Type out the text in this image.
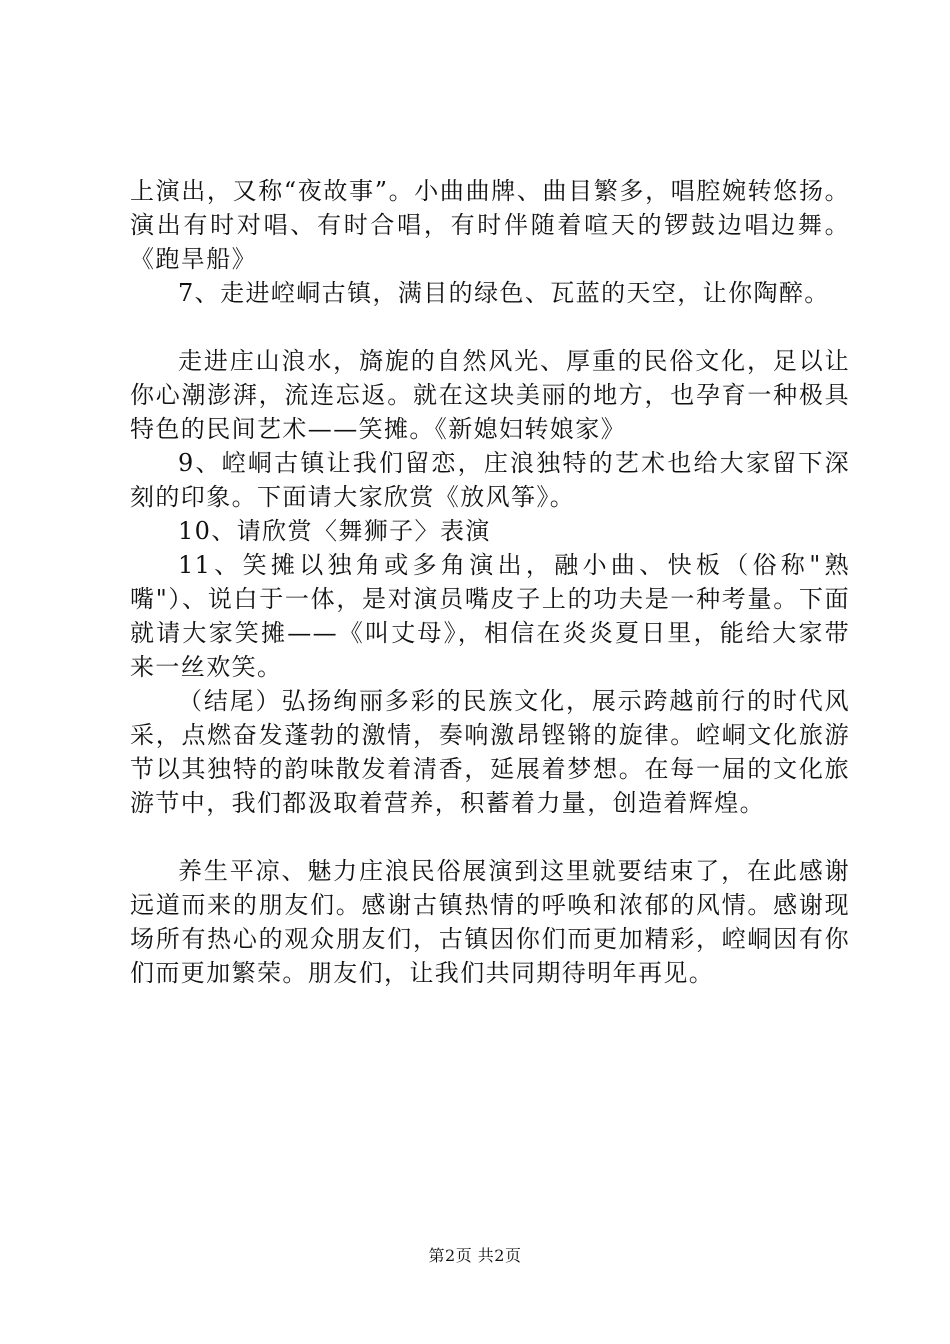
上演出，又称“夜故事”。小曲曲牌、曲目繁多，唱腔婉转悠扬。演出有时对唱、有时合唱，有时伴随着喧天的锣鼓边唱边舞。《跑旱船》

7、走进崆峒古镇，满目的绿色、瓦蓝的天空，让你陶醉。

走进庄山浪水，旖旎的自然风光、厚重的民俗文化，足以让你心潮澎湃，流连忘返。就在这块美丽的地方，也孕育一种极具特色的民间艺术——笑摊。《新媳妇转娘家》

9、崆峒古镇让我们留恋，庄浪独特的艺术也给大家留下深刻的印象。下面请大家欣赏《放风筝》。

10、请欣赏〈舞狮子〉表演

11、笑摊以独角或多角演出，融小曲、快板（俗称"熟嘴"）、说白于一体，是对演员嘴皮子上的功夫是一种考量。下面就请大家笑摊——《叫丈母》，相信在炎炎夏日里，能给大家带来一丝欢笑。

（结尾）弘扬绚丽多彩的民族文化，展示跨越前行的时代风采，点燃奋发蓬勃的激情，奏响激昂铿锵的旋律。崆峒文化旅游节以其独特的韵味散发着清香，延展着梦想。在每一届的文化旅游节中，我们都汲取着营养，积蓄着力量，创造着辉煌。

养生平凉、魅力庄浪民俗展演到这里就要结束了，在此感谢远道而来的朋友们。感谢古镇热情的呼唤和浓郁的风情。感谢现场所有热心的观众朋友们，古镇因你们而更加精彩，崆峒因有你们而更加繁荣。朋友们，让我们共同期待明年再见。

第2页 共2页
